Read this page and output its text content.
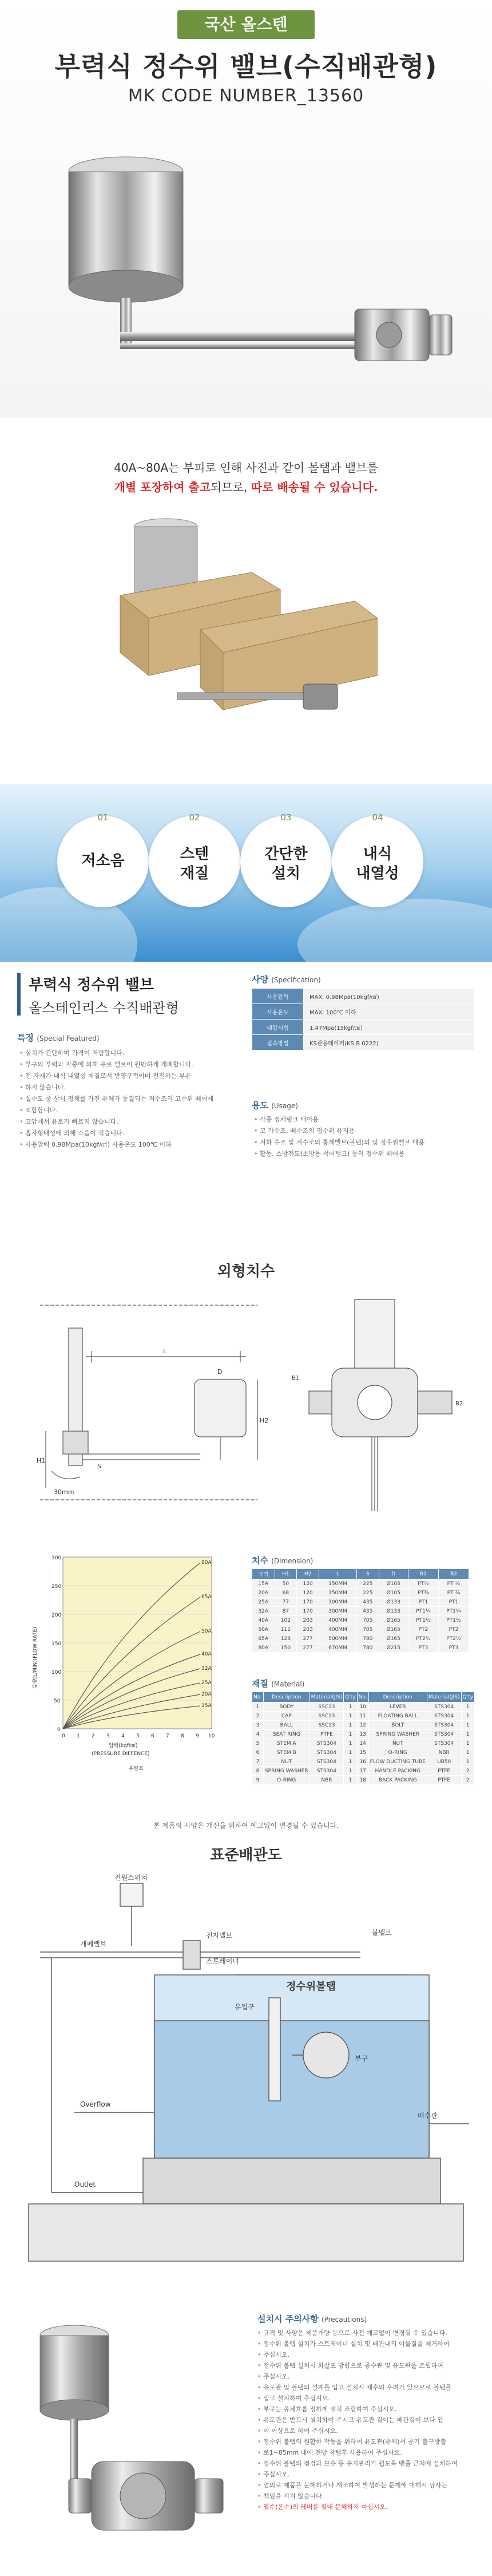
국산 올스텐
부력식 정수위 밸브(수직배관형)
MK CODE NUMBER_13560
40A~80A는 부피로 인해 사진과 같이 볼탭과 밸브를
개별 포장하여 출고되므로, 따로 배송될 수 있습니다.
01
저소음
02
스텐
재질
03
간단한
설치
04
내식
내열성
부력식 정수위 밸브
올스테인리스 수직배관형
특징 (Special Featured)
• 설치가 간단하며 가격이 저렴합니다.
• 부구의 부력과 자중에 의해 유로 밸브이 원만하게 개폐합니다.
• 전 자재가 내식 내열성 재질로서 반영구적이며 전진하는 부유
• 하지 않습니다.
• 설수도 중 상시 정체를 가진 유체가 동결되는 저수조의 고수위 배어에
• 적합합니다.
• 고압에서 유로가 빠르지 않습니다.
• 흡자형태성에 의해 소음이 적습니다.
• 사용압력 0.98Mpa(10kgf/㎠) 사용온도 100℃ 이하
사양 (Specification)
사용압력	MAX. 0.98Mpa(10kgf/㎠)
사용온도	MAX. 100℃ 이하
내압시험	1.47Mpa(15kgf/㎠)
접속방법	KS관용테이퍼(KS B 0222)
용도 (Usage)
• 각종 정체탱크 배어용
• 고 가수조, 배수조의 정수위 유지용
• 지하 수조 및 저수조의 통제밸브(볼탭)의 및 정수위밸브 대용
• 활동, 소방전도(소방용 서어탱크) 등의 정수위 배어용
외형치수
L
H1
H2
D
30mm
S
B1
B2
80A
65A
50A
40A
32A
25A
20A
15A
300
250
200
150
100
50
0
0 1 2 3 4 5 6 7 8 9 10
압력(kgf/㎠)
(PRESSURE DIFFENCE)
유량표
유량(L/MIN)(FLOW RATE)
치수 (Dimension)
규격	H1	H2	L	S	D	B1	B2
15A	50	120	150MM	225	Ø105	PT½	PT ½
20A	68	120	150MM	225	Ø105	PT¾	PT ¾
25A	77	170	300MM	435	Ø133	PT1	PT1
32A	87	170	300MM	435	Ø133	PT1¼	PT1¼
40A	102	203	400MM	705	Ø165	PT1½	PT1½
50A	111	203	400MM	705	Ø165	PT2	PT2
65A	128	277	500MM	780	Ø165	PT2½	PT2½
80A	150	277	670MM	780	Ø215	PT3	PT3
재질 (Material)
No.	Description	Material(JIS)	Q'ty	No.	Description	Material(JIS)	Q'ty
1	BODY	SSC13	1	10	LEVER	STS304	1
2	CAP	SSC13	1	11	FLOATING BALL	STS304	1
3	BALL	SSC13	1	12	BOLT	STS304	1
4	SEAT RING	PTFE	1	13	SPRING WASHER	STS304	1
5	STEM A	STS304	1	14	NUT	STS304	1
6	STEM B	STS304	1	15	O-RING	NBR	1
7	NUT	STS304	1	16	FLOW DUCTING TUBE	UB50	1
8	SPRING WASHER	STS304	1	17	HANDLE PACKING	PTFE	2
9	O-RING	NBR	1	18	BACK PACKING	PTFE	2
본 제품의 사양은 개선을 위하여 예고없이 변경될 수 있습니다.
표준배관도
정수위볼탭
전원스위치
전자밸브
개폐밸브
스트레이너
유입구
부구
Overflow
Outlet
배수관
볼밸브
설치시 주의사항 (Precautions)
• 규격 및 사양은 제품개량 등으로 사전 예고없이 변경될 수 있습니다.
• 정수위 볼탭 설치가 스트레이너 설치 및 배관내의 이물질을 제거하여
• 주십시오.
• 정수위 볼탭 설치시 화살표 방향으로 공수관 및 유도관을 조립하여
• 주십시오.
• 유도관 및 볼탭의 설계를 입고 설치시 채수의 우려가 있으므로 볼탭을
• 입고 설치하여 주십시오.
• 부구는 유체흐름 정하게 설치 조립하여 주십시오.
• 유도관은 반드시 설치하여 주시고 유도관 길이는 배관길이 보다 입
• 이 이상으로 하여 주십시오.
• 정수위 볼탭의 원활한 작동을 위하여 유도관(유체)서 공기 출구방출
• 로1~85mm 내에 전방 착탱후 사용하여 주십시오.
• 정수위 볼탭의 점검과 보수 등 유지관리가 쉽도록 맨홀 근처에 설치하여
• 주십시오.
• 엄의로 제품을 분해하거나 개조하여 발생하는 문제에 대해서 당사는
• 책임을 지지 않습니다.
• 열수(온수)의 레버를 절대 분해하지 마십시오.
